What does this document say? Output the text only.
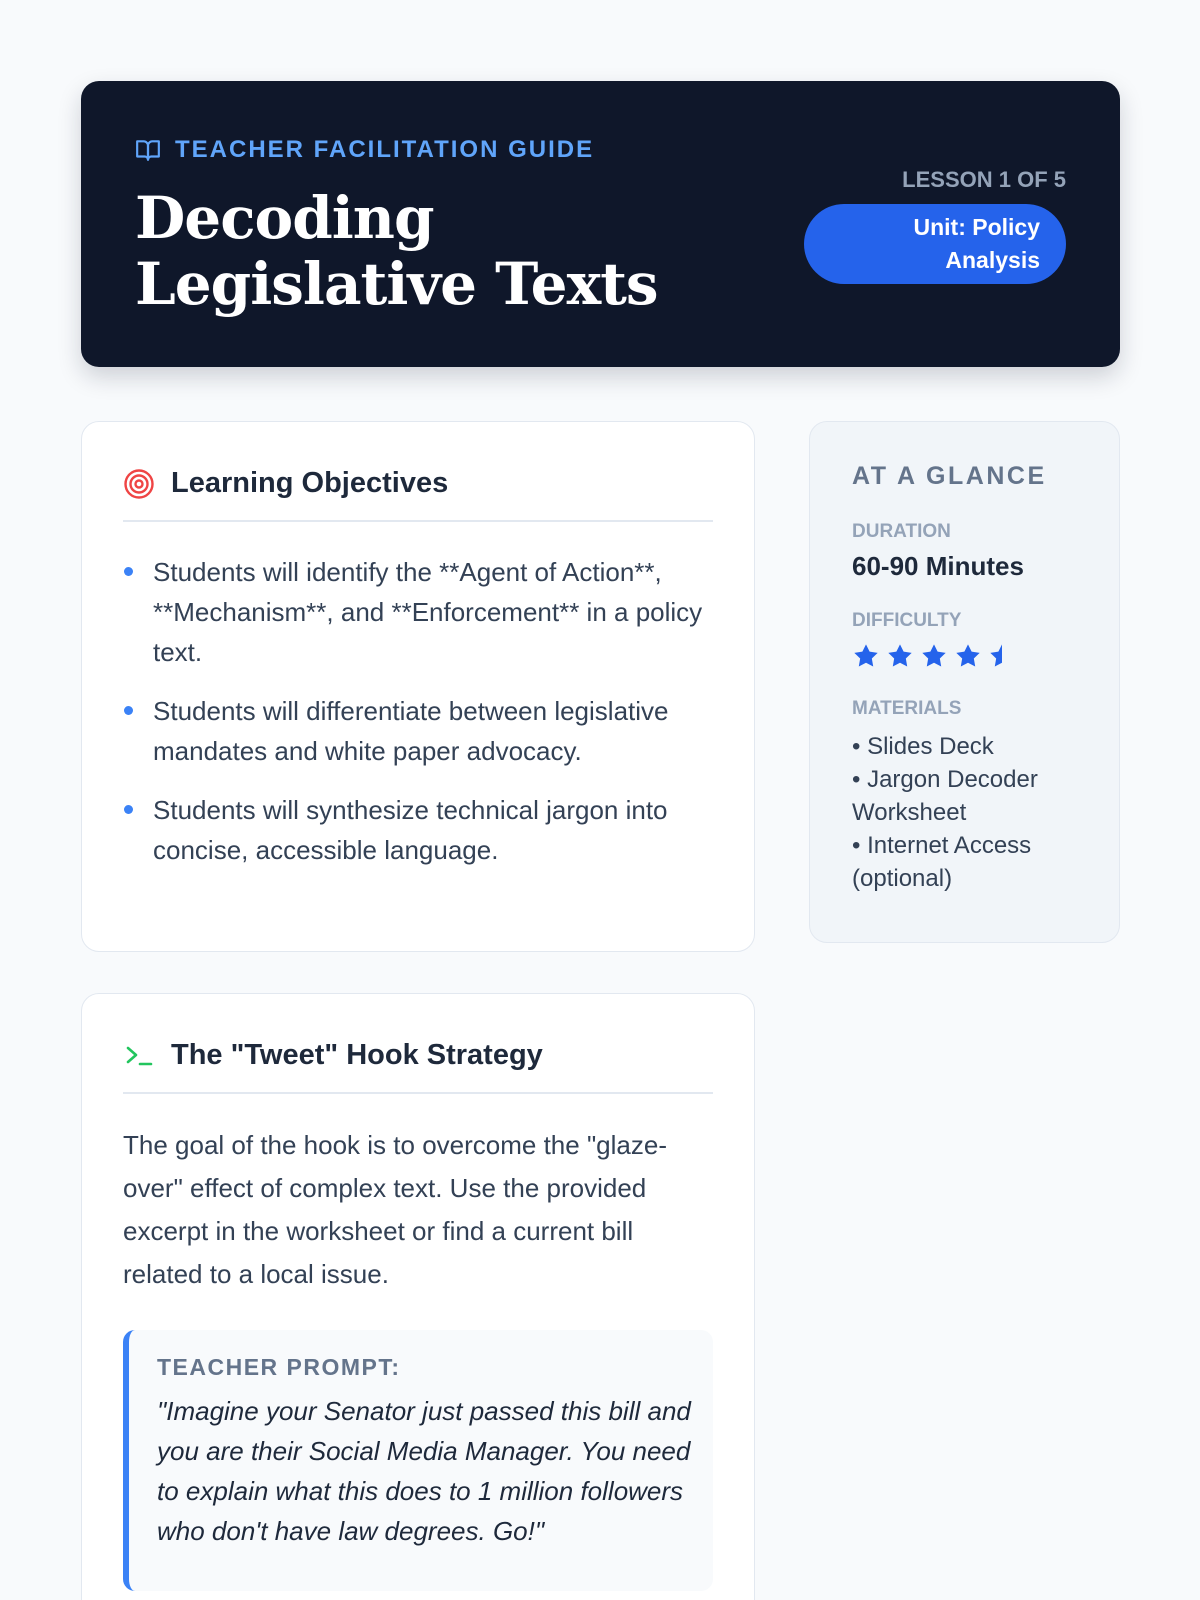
TEACHER FACILITATION GUIDE
Decoding Legislative Texts
LESSON 1 OF 5
Unit: Policy Analysis
Learning Objectives
Students will identify the **Agent of Action**, **Mechanism**, and **Enforcement** in a policy text.
Students will differentiate between legislative mandates and white paper advocacy.
Students will synthesize technical jargon into concise, accessible language.
The "Tweet" Hook Strategy

The goal of the hook is to overcome the "glaze-over" effect of complex text. Use the provided excerpt in the worksheet or find a current bill related to a local issue.

TEACHER PROMPT:

"Imagine your Senator just passed this bill and you are their Social Media Manager. You need to explain what this does to 1 million followers who don't have law degrees. Go!"

AT A GLANCE
DURATION
60-90 Minutes
DIFFICULTY
MATERIALS
• Slides Deck
• Jargon Decoder Worksheet
• Internet Access (optional)
